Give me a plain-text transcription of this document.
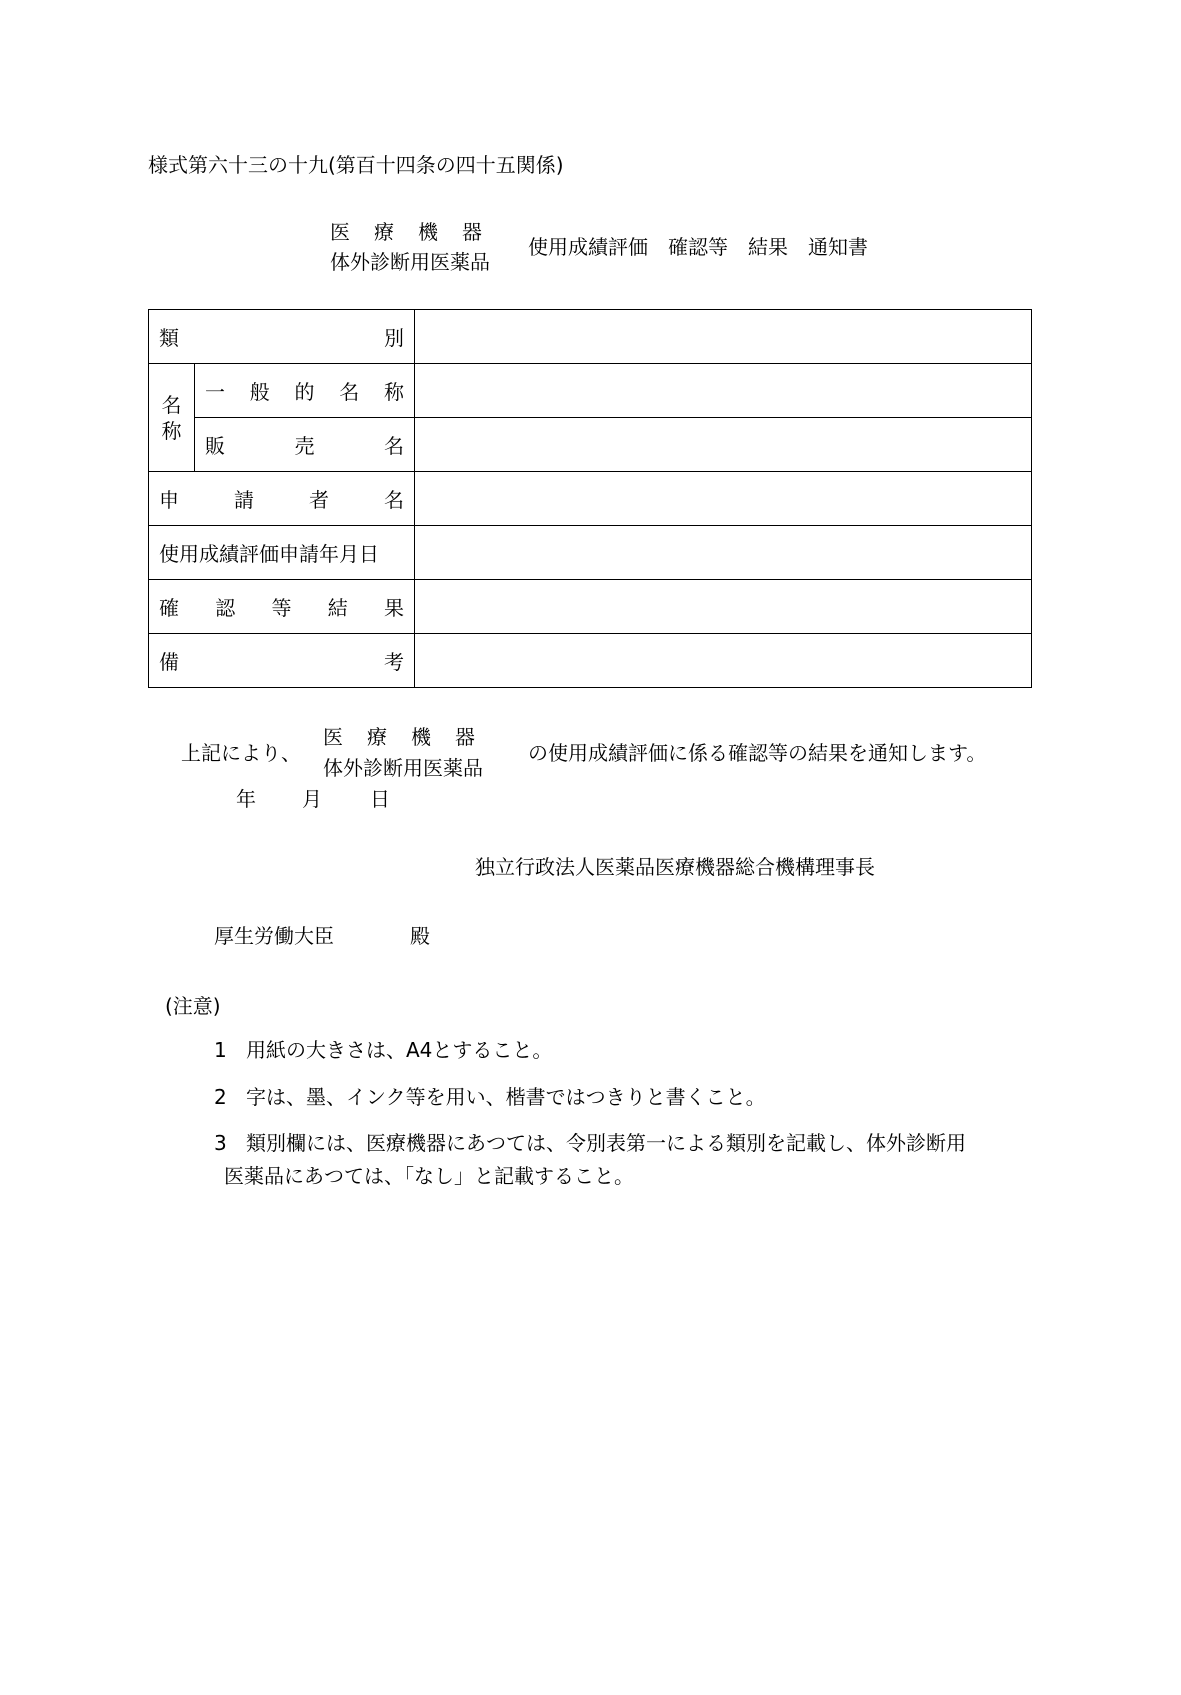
様式第六十三の十九(第百十四条の四十五関係)
医　療　機　器
体外診断用医薬品
使用成績評価　確認等　結果　通知書
類別		

名称	一般的名称	

	販売名	

申請者名		

使用成績評価申請年月日		

確認等結果		

備考		

上記により、
医　療　機　器
体外診断用医薬品
の使用成績評価に係る確認等の結果を通知します。
年 月 日
独立行政法人医薬品医療機器総合機構理事長
厚生労働大臣	殿
(注意)
1 用紙の大きさは、A4とすること。
2 字は、墨、インク等を用い、楷書ではつきりと書くこと。
3 類別欄には、医療機器にあつては、令別表第一による類別を記載し、体外診断用
医薬品にあつては、「なし」と記載すること。
